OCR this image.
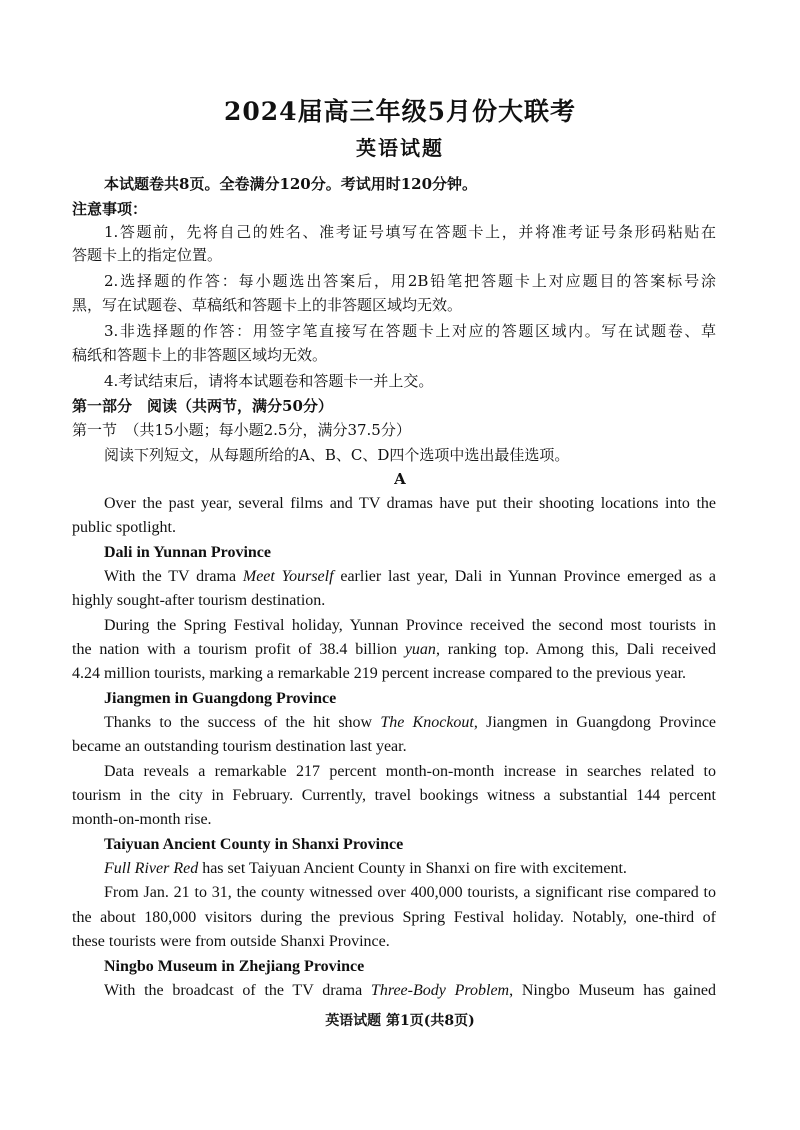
2024届高三年级5月份大联考
英语试题
本试题卷共8页。全卷满分120分。考试用时120分钟。
注意事项：
1.答题前，先将自己的姓名、准考证号填写在答题卡上，并将准考证号条形码粘贴在
答题卡上的指定位置。
2.选择题的作答：每小题选出答案后，用2B铅笔把答题卡上对应题目的答案标号涂
黑，写在试题卷、草稿纸和答题卡上的非答题区域均无效。
3.非选择题的作答：用签字笔直接写在答题卡上对应的答题区域内。写在试题卷、草
稿纸和答题卡上的非答题区域均无效。
4.考试结束后，请将本试题卷和答题卡一并上交。
第一部分　阅读（共两节，满分50分）
第一节　（共15小题；每小题2.5分，满分37.5分）
阅读下列短文，从每题所给的A、B、C、D四个选项中选出最佳选项。
A
Over the past year, several films and TV dramas have put their shooting locations into the
public spotlight.
Dali in Yunnan Province
With the TV drama Meet Yourself earlier last year, Dali in Yunnan Province emerged as a
highly sought-after tourism destination.
During the Spring Festival holiday, Yunnan Province received the second most tourists in
the nation with a tourism profit of 38.4 billion yuan, ranking top. Among this, Dali received
4.24 million tourists, marking a remarkable 219 percent increase compared to the previous year.
Jiangmen in Guangdong Province
Thanks to the success of the hit show The Knockout, Jiangmen in Guangdong Province
became an outstanding tourism destination last year.
Data reveals a remarkable 217 percent month-on-month increase in searches related to
tourism in the city in February. Currently, travel bookings witness a substantial 144 percent
month-on-month rise.
Taiyuan Ancient County in Shanxi Province
Full River Red has set Taiyuan Ancient County in Shanxi on fire with excitement.
From Jan. 21 to 31, the county witnessed over 400,000 tourists, a significant rise compared to
the about 180,000 visitors during the previous Spring Festival holiday. Notably, one-third of
these tourists were from outside Shanxi Province.
Ningbo Museum in Zhejiang Province
With the broadcast of the TV drama Three-Body Problem, Ningbo Museum has gained
英语试题 第1页(共8页)
